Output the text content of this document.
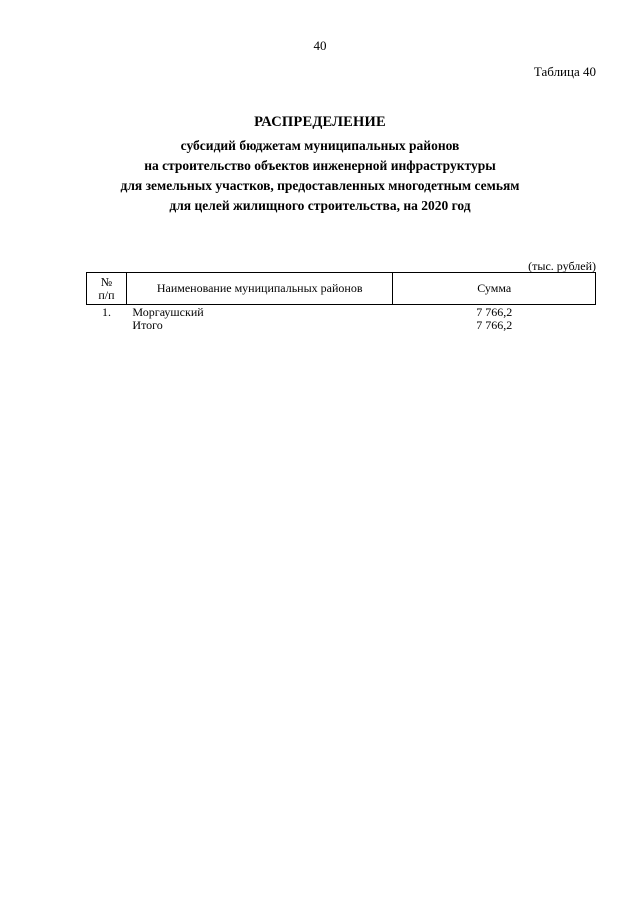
40
Таблица 40
РАСПРЕДЕЛЕНИЕ
субсидий бюджетам муниципальных районов
на строительство объектов инженерной инфраструктуры
для земельных участков, предоставленных многодетным семьям
для целей жилищного строительства, на 2020 год
(тыс. рублей)
№
п/п	Наименование муниципальных районов	Сумма
1.	Моргаушский	7 766,2
	Итого	7 766,2
